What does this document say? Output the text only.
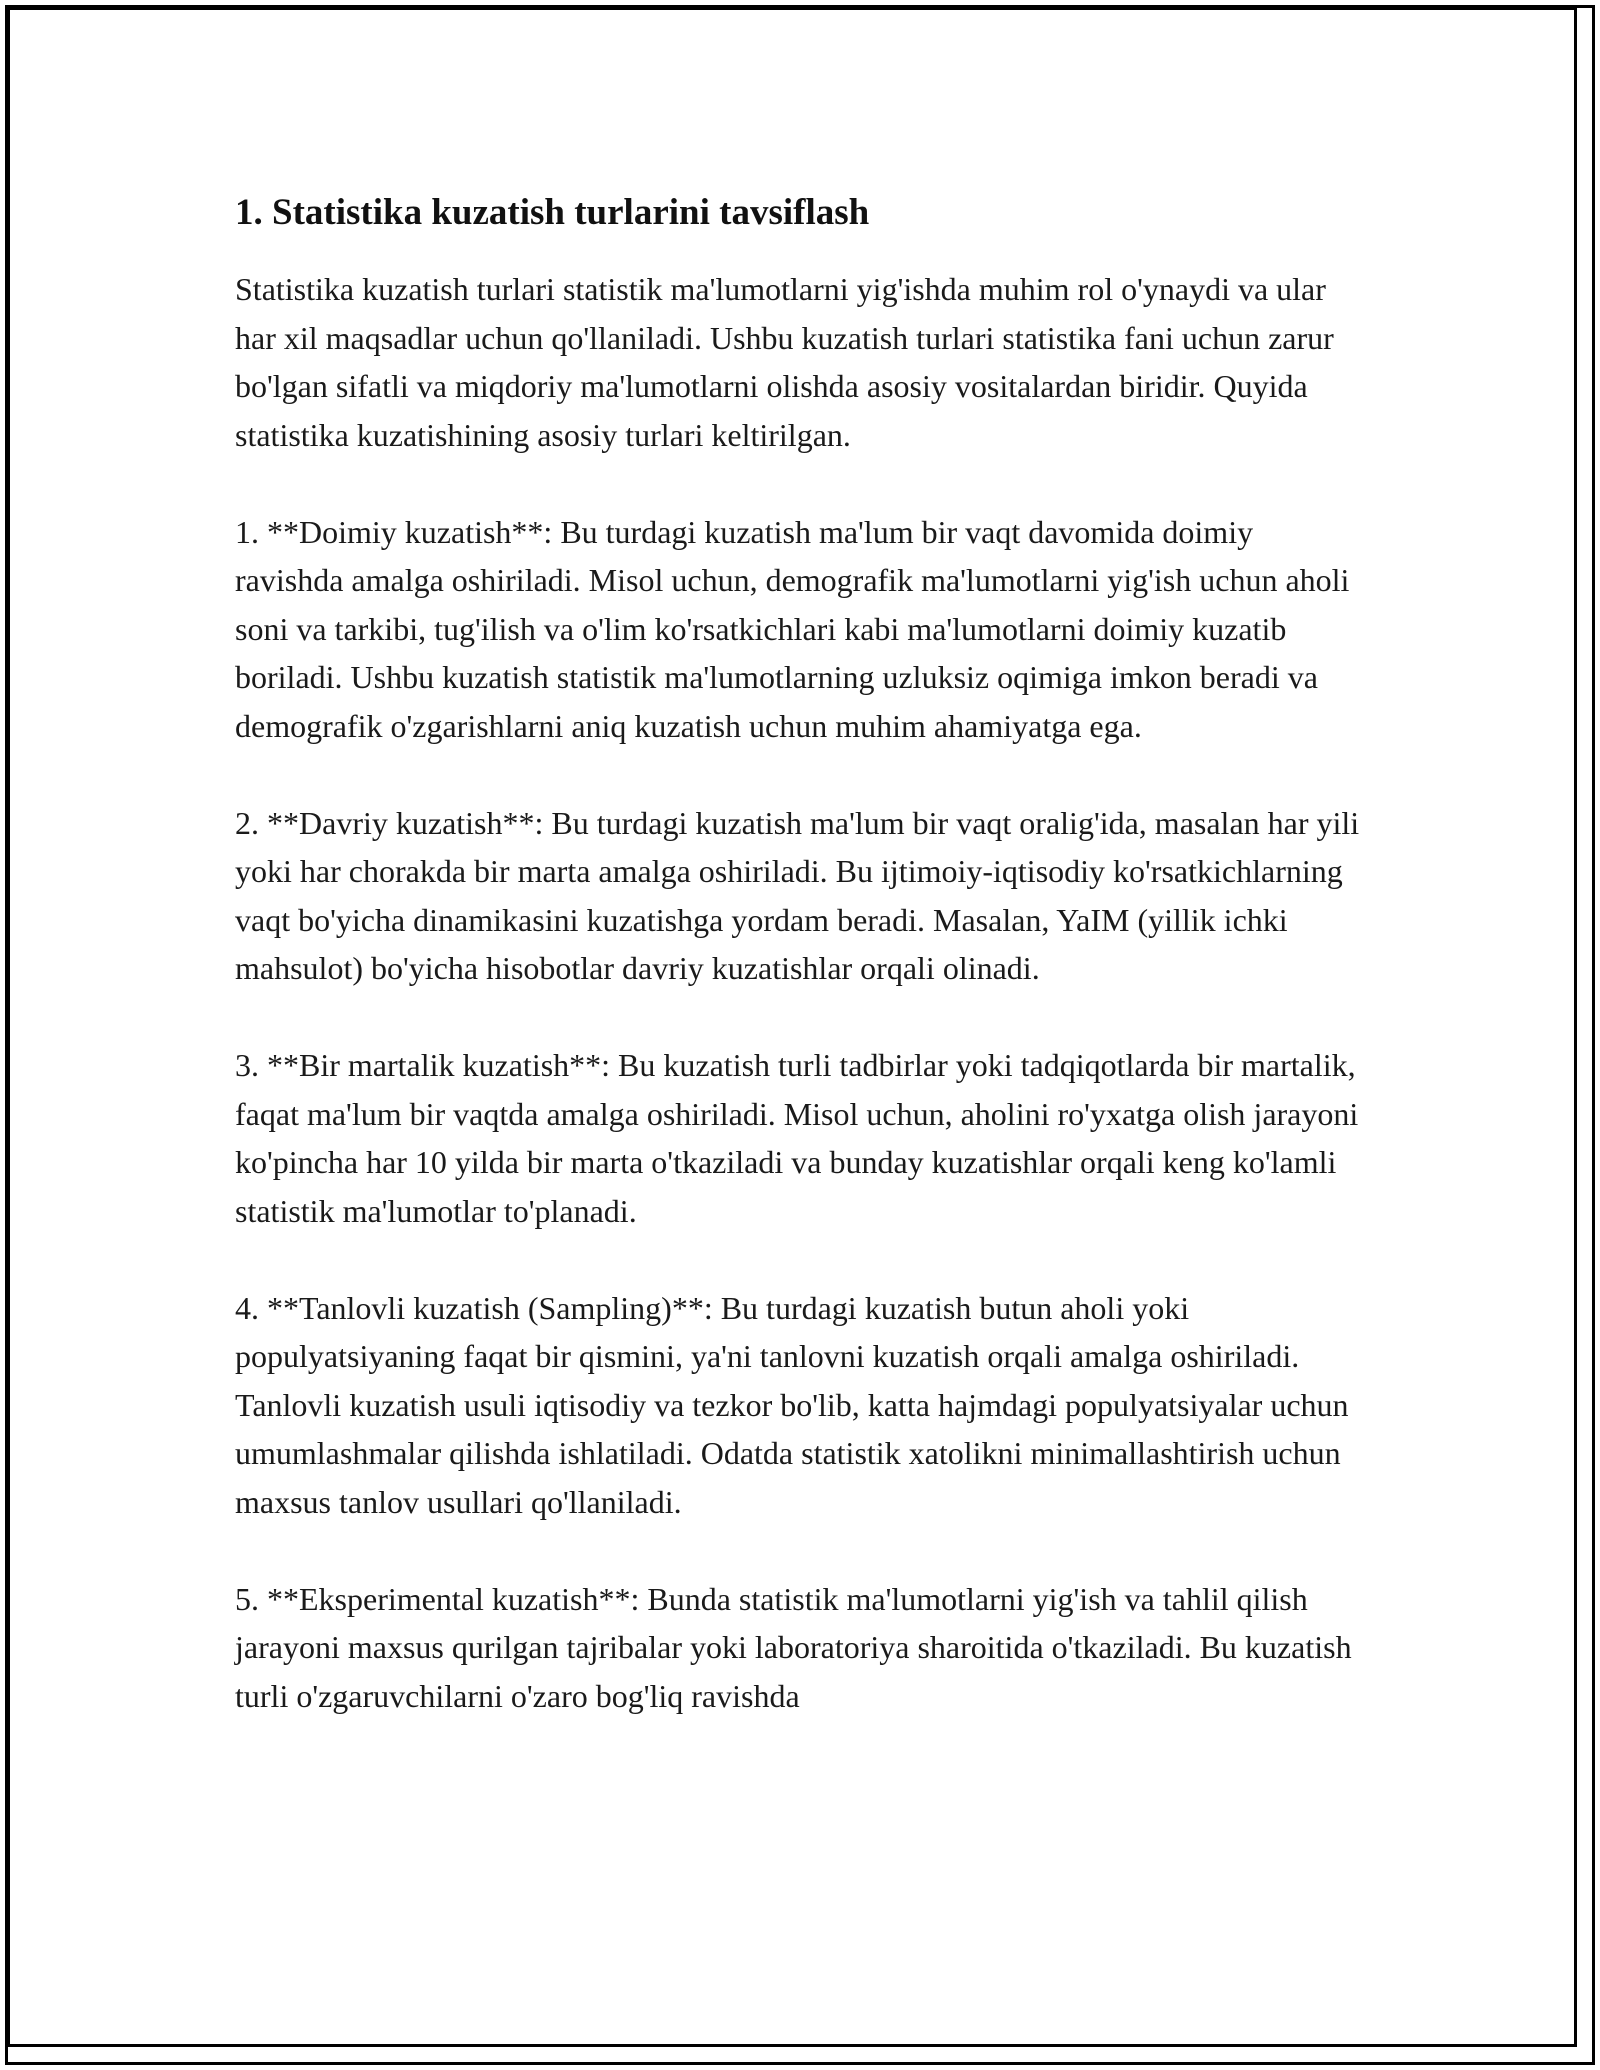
1. Statistika kuzatish turlarini tavsiflash

Statistika kuzatish turlari statistik ma'lumotlarni yig'ishda muhim rol o'ynaydi va ular har xil maqsadlar uchun qo'llaniladi. Ushbu kuzatish turlari statistika fani uchun zarur bo'lgan sifatli va miqdoriy ma'lumotlarni olishda asosiy vositalardan biridir. Quyida statistika kuzatishining asosiy turlari keltirilgan.

1. **Doimiy kuzatish**: Bu turdagi kuzatish ma'lum bir vaqt davomida doimiy ravishda amalga oshiriladi. Misol uchun, demografik ma'lumotlarni yig'ish uchun aholi soni va tarkibi, tug'ilish va o'lim ko'rsatkichlari kabi ma'lumotlarni doimiy kuzatib boriladi. Ushbu kuzatish statistik ma'lumotlarning uzluksiz oqimiga imkon beradi va demografik o'zgarishlarni aniq kuzatish uchun muhim ahamiyatga ega.

2. **Davriy kuzatish**: Bu turdagi kuzatish ma'lum bir vaqt oralig'ida, masalan har yili yoki har chorakda bir marta amalga oshiriladi. Bu ijtimoiy-iqtisodiy ko'rsatkichlarning vaqt bo'yicha dinamikasini kuzatishga yordam beradi. Masalan, YaIM (yillik ichki mahsulot) bo'yicha hisobotlar davriy kuzatishlar orqali olinadi.

3. **Bir martalik kuzatish**: Bu kuzatish turli tadbirlar yoki tadqiqotlarda bir martalik, faqat ma'lum bir vaqtda amalga oshiriladi. Misol uchun, aholini ro'yxatga olish jarayoni ko'pincha har 10 yilda bir marta o'tkaziladi va bunday kuzatishlar orqali keng ko'lamli statistik ma'lumotlar to'planadi.

4. **Tanlovli kuzatish (Sampling)**: Bu turdagi kuzatish butun aholi yoki populyatsiyaning faqat bir qismini, ya'ni tanlovni kuzatish orqali amalga oshiriladi. Tanlovli kuzatish usuli iqtisodiy va tezkor bo'lib, katta hajmdagi populyatsiyalar uchun umumlashmalar qilishda ishlatiladi. Odatda statistik xatolikni minimallashtirish uchun maxsus tanlov usullari qo'llaniladi.

5. **Eksperimental kuzatish**: Bunda statistik ma'lumotlarni yig'ish va tahlil qilish jarayoni maxsus qurilgan tajribalar yoki laboratoriya sharoitida o'tkaziladi. Bu kuzatish turli o'zgaruvchilarni o'zaro bog'liq ravishda
